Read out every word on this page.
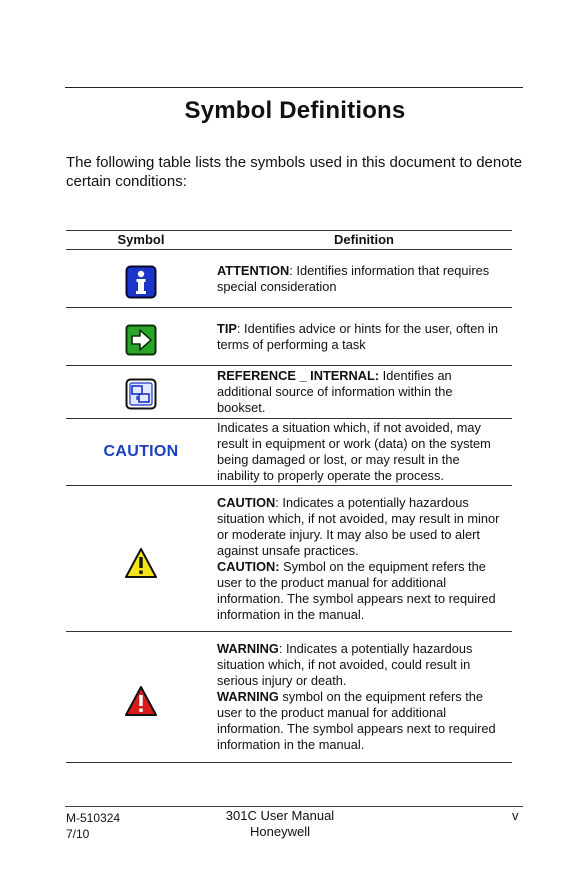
Symbol Definitions
The following table lists the symbols used in this document to denote certain conditions:
Symbol	Definition

ATTENTION: Identifies information that requires special consideration

TIP: Identifies advice or hints for the user, often in terms of performing a task

REFERENCE _ INTERNAL: Identifies an additional source of information within the bookset.

CAUTION	Indicates a situation which, if not avoided, may result in equipment or work (data) on the system being damaged or lost, or may result in the inability to properly operate the process.

CAUTION: Indicates a potentially hazardous situation which, if not avoided, may result in minor or moderate injury. It may also be used to alert against unsafe practices.
CAUTION: Symbol on the equipment refers the user to the product manual for additional information. The symbol appears next to required information in the manual.

WARNING: Indicates a potentially hazardous situation which, if not avoided, could result in serious injury or death.
WARNING symbol on the equipment refers the user to the product manual for additional information. The symbol appears next to required information in the manual.
M-510324
7/10
301C User Manual
Honeywell
v
